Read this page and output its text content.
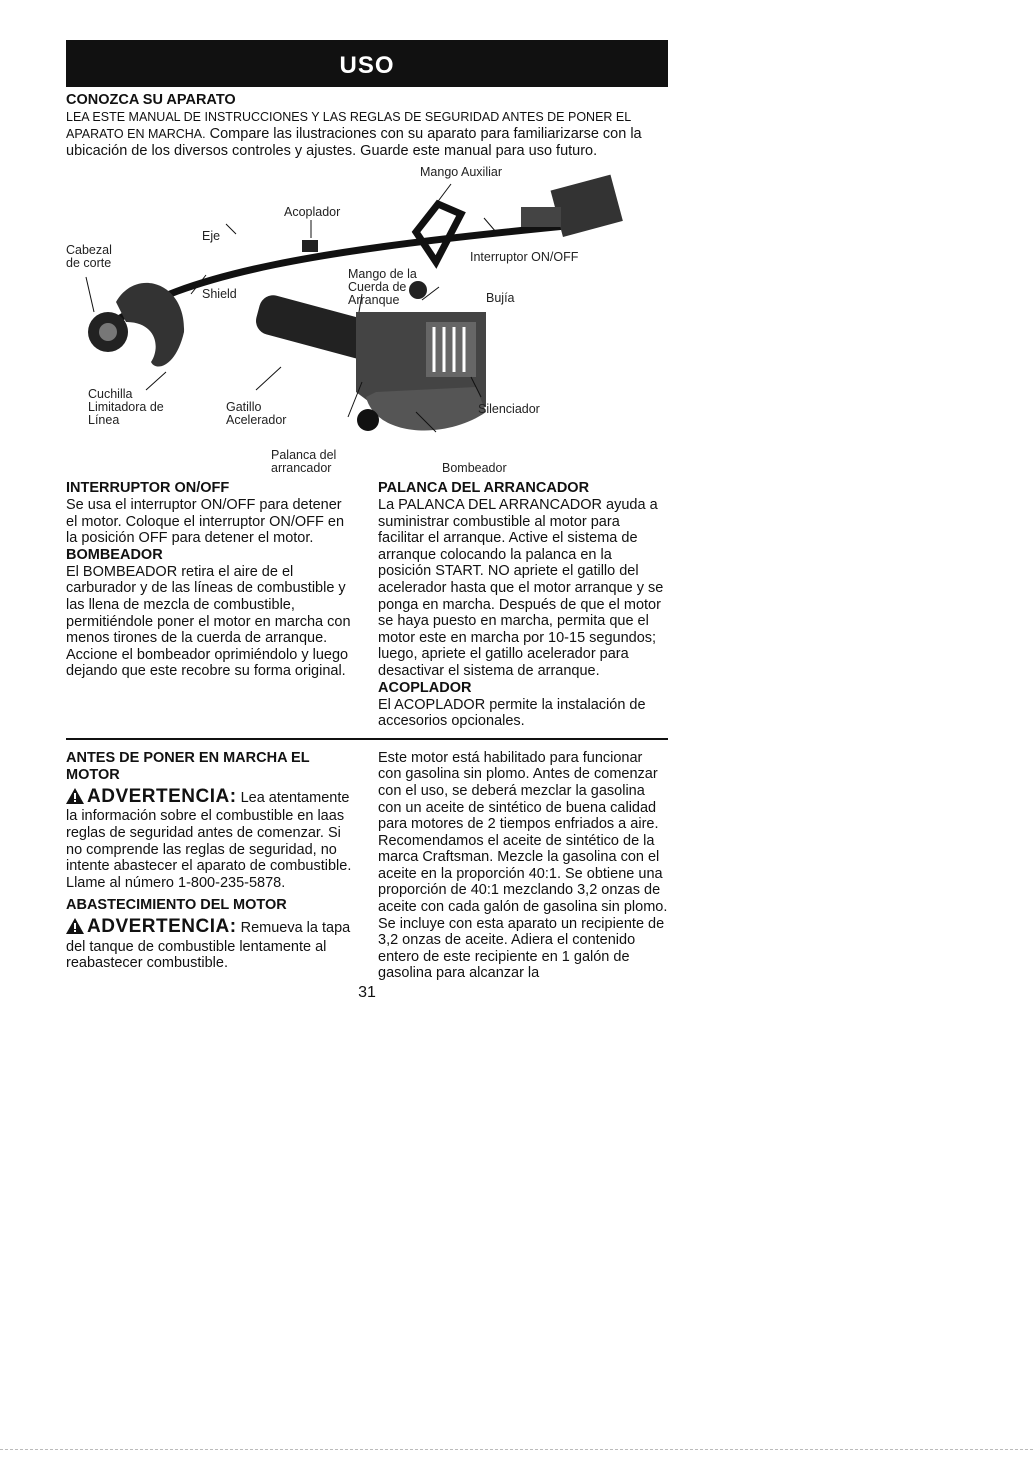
USO
CONOZCA SU APARATO

LEA ESTE MANUAL DE INSTRUCCIONES Y LAS REGLAS DE SEGURIDAD ANTES DE PONER EL APARATO EN MARCHA. Compare las ilustraciones con su aparato para familiarizarse con la ubicación de los diversos controles y ajustes. Guarde este manual para uso futuro.

Mango Auxiliar
Acoplador
Eje
Cabezal
de corte	Interruptor ON/OFF
Mango de la
Cuerda de
Arranque	Bujía
Shield
Cuchilla
Limitadora de
Línea
Gatillo
Acelerador
Silenciador
Palanca del
arrancador	Bombeador

INTERRUPTOR ON/OFF

Se usa el interruptor ON/OFF para detener el motor. Coloque el interruptor ON/OFF en la posición OFF para detener el motor.

BOMBEADOR

El BOMBEADOR retira el aire de el carburador y de las líneas de combustible y las llena de mezcla de combustible, permitiéndole poner el motor en marcha con menos tirones de la cuerda de arranque. Accione el bombeador oprimiéndolo y luego dejando que este recobre su forma original.

PALANCA DEL ARRANCADOR

La PALANCA DEL ARRANCADOR ayuda a suministrar combustible al motor para facilitar el arranque. Active el sistema de arranque colocando la palanca en la posición START. NO apriete el gatillo del acelerador hasta que el motor arranque y se ponga en marcha. Después de que el motor se haya puesto en marcha, permita que el motor este en marcha por 10-15 segundos; luego, apriete el gatillo acelerador para desactivar el sistema de arranque.

ACOPLADOR

El ACOPLADOR permite la instalación de accesorios opcionales.

ANTES DE PONER EN MARCHA EL MOTOR

ADVERTENCIA: Lea atentamente la información sobre el combustible en laas reglas de seguridad antes de comenzar. Si no comprende las reglas de seguridad, no intente abastecer el aparato de combustible. Llame al número 1-800-235-5878.

ABASTECIMIENTO DEL MOTOR

ADVERTENCIA: Remueva la tapa del tanque de combustible lentamente al reabastecer combustible.

Este motor está habilitado para funcionar con gasolina sin plomo. Antes de comenzar con el uso, se deberá mezclar la gasolina con un aceite de sintético de buena calidad para motores de 2 tiempos enfriados a aire. Recomendamos el aceite de sintético de la marca Craftsman. Mezcle la gasolina con el aceite en la proporción 40:1. Se obtiene una proporción de 40:1 mezclando 3,2 onzas de aceite con cada galón de gasolina sin plomo. Se incluye con esta aparato un recipiente de 3,2 onzas de aceite. Adiera el contenido entero de este recipiente en 1 galón de gasolina para alcanzar la

31
